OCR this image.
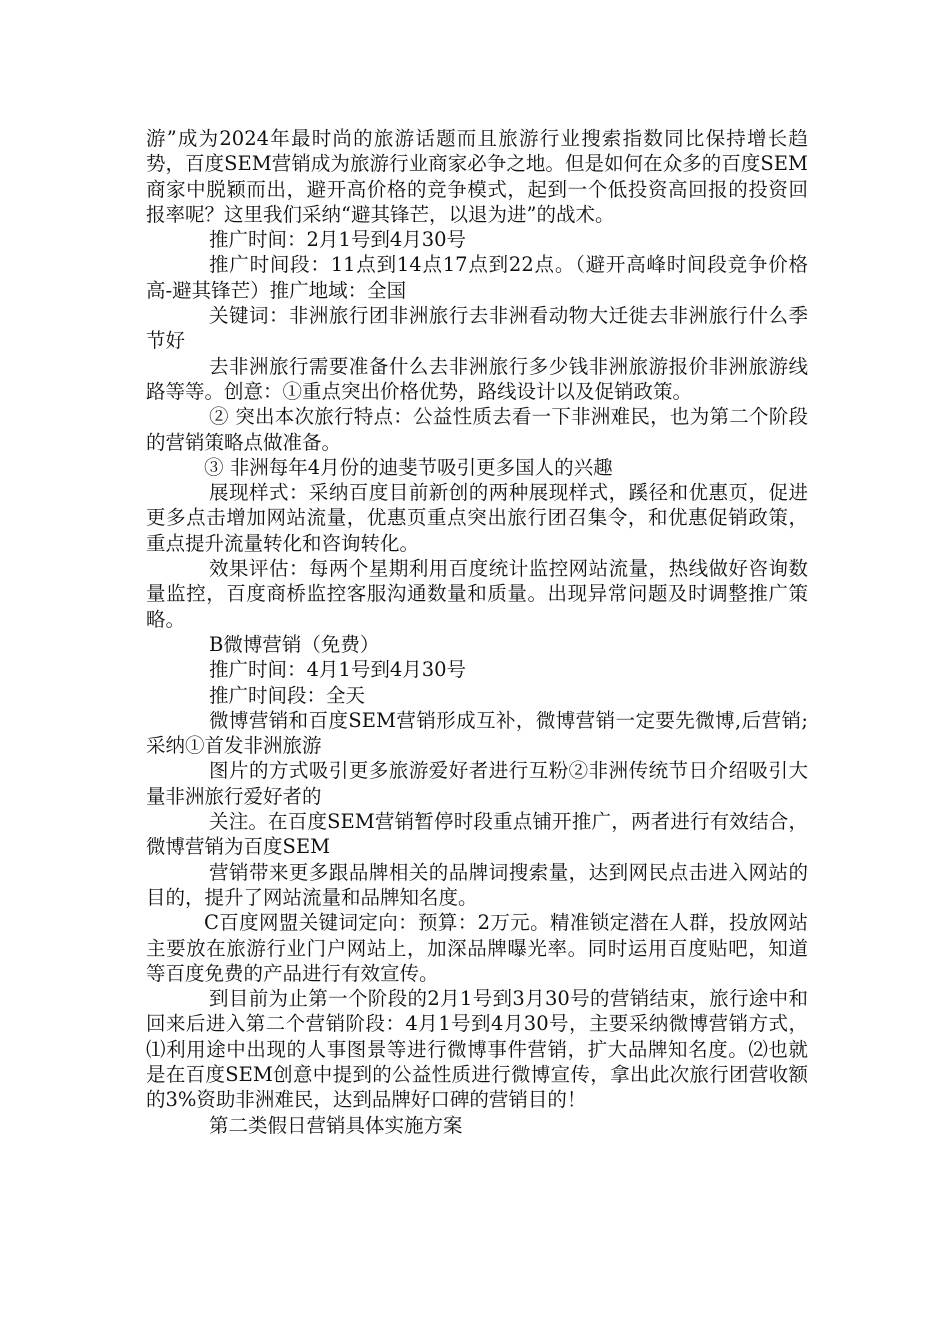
游”成为2024年最时尚的旅游话题而且旅游行业搜索指数同比保持增长趋势，百度SEM营销成为旅游行业商家必争之地。但是如何在众多的百度SEM商家中脱颖而出，避开高价格的竞争模式，起到一个低投资高回报的投资回报率呢？这里我们采纳“避其锋芒，以退为进”的战术。

推广时间：2月1号到4月30号

推广时间段：11点到14点17点到22点。（避开高峰时间段竞争价格高-避其锋芒）推广地域：全国

关键词：非洲旅行团非洲旅行去非洲看动物大迁徙去非洲旅行什么季节好

去非洲旅行需要准备什么去非洲旅行多少钱非洲旅游报价非洲旅游线路等等。创意：①重点突出价格优势，路线设计以及促销政策。

② 突出本次旅行特点：公益性质去看一下非洲难民，也为第二个阶段的营销策略点做准备。

③ 非洲每年4月份的迪斐节吸引更多国人的兴趣

展现样式：采纳百度目前新创的两种展现样式，蹊径和优惠页，促进更多点击增加网站流量，优惠页重点突出旅行团召集令，和优惠促销政策，重点提升流量转化和咨询转化。

效果评估：每两个星期利用百度统计监控网站流量，热线做好咨询数量监控，百度商桥监控客服沟通数量和质量。出现异常问题及时调整推广策略。

B微博营销（免费）

推广时间：4月1号到4月30号

推广时间段：全天

微博营销和百度SEM营销形成互补，微博营销一定要先微博,后营销;采纳①首发非洲旅游

图片的方式吸引更多旅游爱好者进行互粉②非洲传统节日介绍吸引大量非洲旅行爱好者的

关注。在百度SEM营销暂停时段重点铺开推广，两者进行有效结合，微博营销为百度SEM

营销带来更多跟品牌相关的品牌词搜索量，达到网民点击进入网站的目的，提升了网站流量和品牌知名度。

C百度网盟关键词定向：预算：2万元。精准锁定潜在人群，投放网站主要放在旅游行业门户网站上，加深品牌曝光率。同时运用百度贴吧，知道等百度免费的产品进行有效宣传。

到目前为止第一个阶段的2月1号到3月30号的营销结束，旅行途中和回来后进入第二个营销阶段：4月1号到4月30号，主要采纳微博营销方式，⑴利用途中出现的人事图景等进行微博事件营销，扩大品牌知名度。⑵也就是在百度SEM创意中提到的公益性质进行微博宣传，拿出此次旅行团营收额的3%资助非洲难民，达到品牌好口碑的营销目的！

第二类假日营销具体实施方案
